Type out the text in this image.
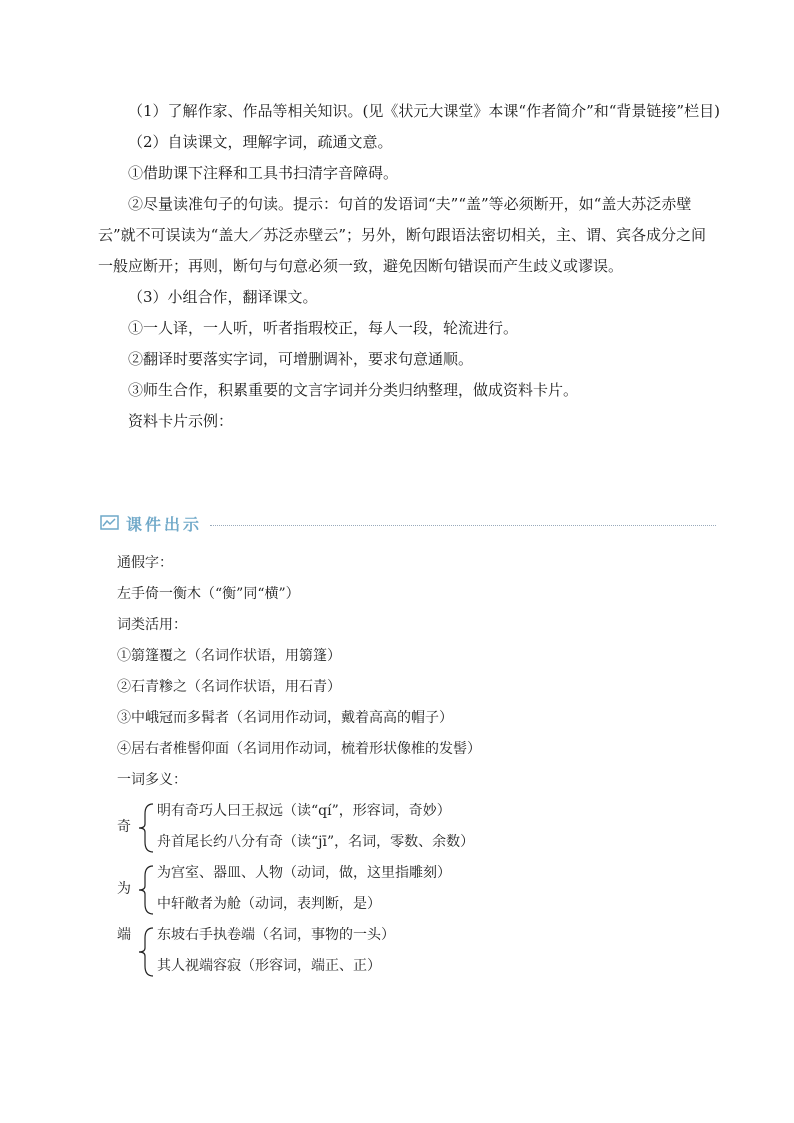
（1）了解作家、作品等相关知识。(见《状元大课堂》本课“作者简介”和“背景链接”栏目)

（2）自读课文，理解字词，疏通文意。

①借助课下注释和工具书扫清字音障碍。

②尽量读准句子的句读。提示：句首的发语词“夫”“盖”等必须断开，如“盖大苏泛赤壁云”就不可误读为“盖大／苏泛赤壁云”；另外，断句跟语法密切相关，主、谓、宾各成分之间一般应断开；再则，断句与句意必须一致，避免因断句错误而产生歧义或谬误。

（3）小组合作，翻译课文。

①一人译，一人听，听者指瑕校正，每人一段，轮流进行。

②翻译时要落实字词，可增删调补，要求句意通顺。

③师生合作，积累重要的文言字词并分类归纳整理，做成资料卡片。

资料卡片示例：

课件出示
通假字：
左手倚一衡木（“衡”同“横”）
词类活用：
①篛篷覆之（名词作状语，用篛篷）
②石青糁之（名词作状语，用石青）
③中峨冠而多髯者（名词用作动词，戴着高高的帽子）
④居右者椎髻仰面（名词用作动词，梳着形状像椎的发髻）
一词多义：
奇
明有奇巧人曰王叔远（读“qí”，形容词，奇妙）
舟首尾长约八分有奇（读“jī”，名词，零数、余数）
为
为宫室、器皿、人物（动词，做，这里指雕刻）
中轩敞者为舱（动词，表判断，是）
端	东坡右手执卷端（名词，事物的一头）
其人视端容寂（形容词，端正、正）
